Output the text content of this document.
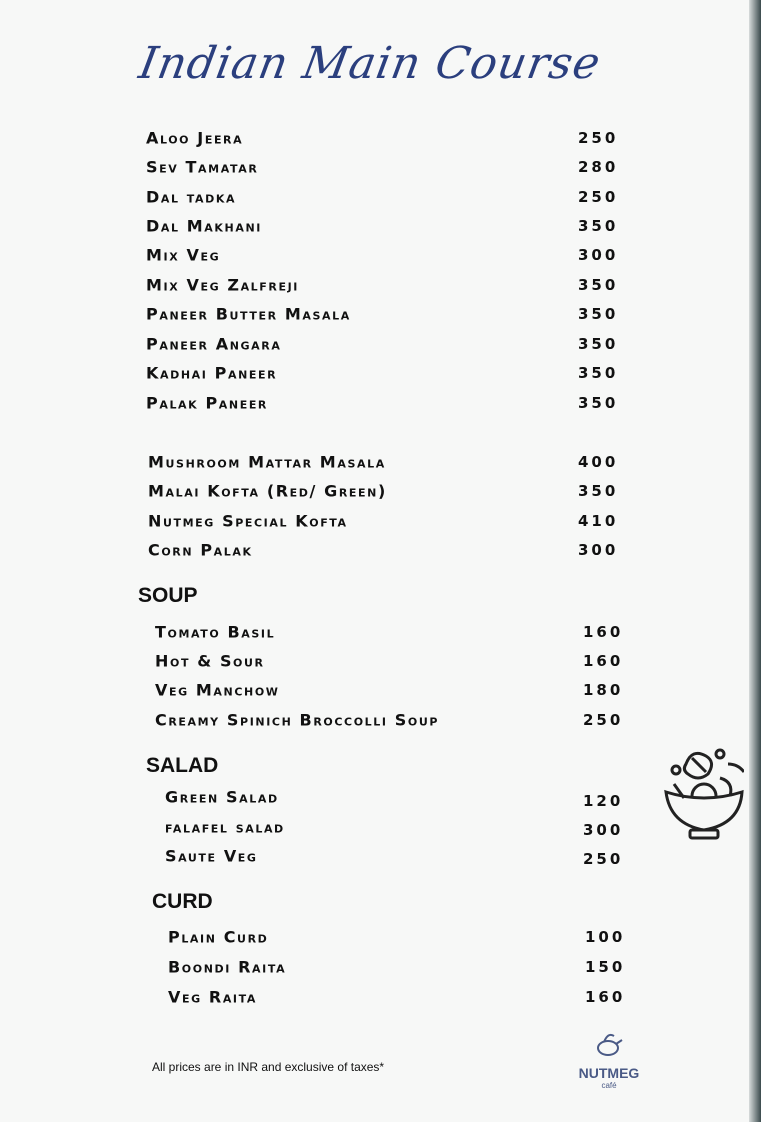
Indian Main Course
Aloo Jeera	250
Sev Tamatar	280
Dal tadka	250
Dal Makhani	350
Mix Veg	300
Mix Veg Zalfreji	350
Paneer Butter Masala	350
Paneer Angara	350
Kadhai Paneer	350
Palak Paneer	350
Mushroom Mattar Masala	400
Malai Kofta (Red/ Green)	350
Nutmeg Special Kofta	410
Corn Palak	300
Tomato Basil	160
Hot & Sour	160
Veg Manchow	180
Creamy Spinich Broccolli Soup	250
Green Salad	120
falafel salad	300
Saute Veg	250
Plain Curd	100
Boondi Raita	150
Veg Raita	160
SOUP
SALAD
CURD
All prices are in INR and exclusive of taxes*	NUTMEG
café
